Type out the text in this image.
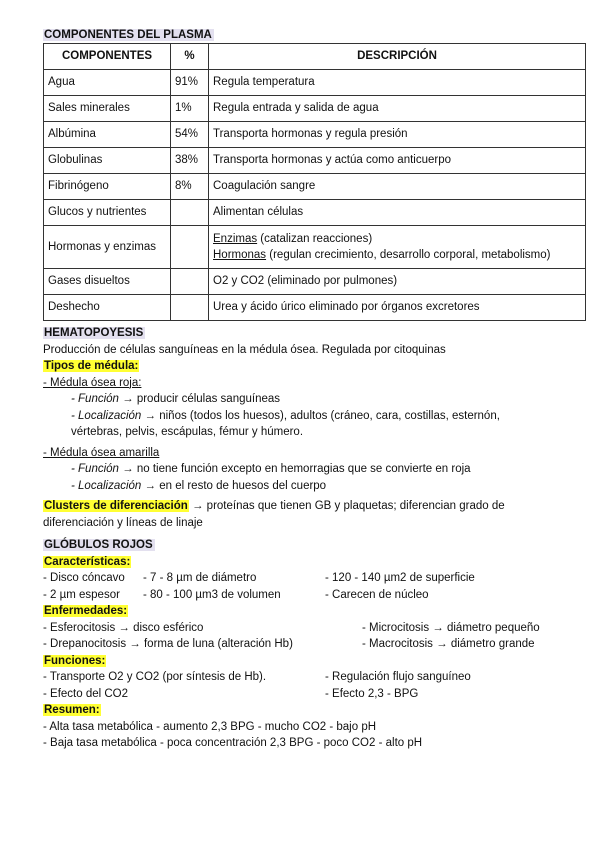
COMPONENTES DEL PLASMA
COMPONENTES	%	DESCRIPCIÓN
Agua	91%	Regula temperatura
Sales minerales	1%	Regula entrada y salida de agua
Albúmina	54%	Transporta hormonas y regula presión
Globulinas	38%	Transporta hormonas y actúa como anticuerpo
Fibrinógeno	8%	Coagulación sangre
Glucos y nutrientes		Alimentan células
Hormonas y enzimas		Enzimas (catalizan reacciones)
Hormonas (regulan crecimiento, desarrollo corporal, metabolismo)

Gases disueltos		O2 y CO2 (eliminado por pulmones)
Deshecho		Urea y ácido úrico eliminado por órganos excretores
HEMATOPOYESIS
Producción de células sanguíneas en la médula ósea. Regulada por citoquinas
Tipos de médula:
- Médula ósea roja:
- Función → producir células sanguíneas
- Localización → niños (todos los huesos), adultos (cráneo, cara, costillas, esternón,
vértebras, pelvis, escápulas, fémur y húmero.
- Médula ósea amarilla
- Función → no tiene función excepto en hemorragias que se convierte en roja
- Localización → en el resto de huesos del cuerpo
Clusters de diferenciación → proteínas que tienen GB y plaquetas; diferencian grado de
diferenciación y líneas de linaje
GLÓBULOS ROJOS
Características:
- Disco cóncavo - 7 - 8 µm de diámetro	- 120 - 140 µm2 de superficie
- 2 µm espesor - 80 - 100 µm3 de volumen	- Carecen de núcleo
Enfermedades:
- Esferocitosis → disco esférico	- Microcitosis → diámetro pequeño
- Drepanocitosis → forma de luna (alteración Hb)	- Macrocitosis → diámetro grande
Funciones:
- Transporte O2 y CO2 (por síntesis de Hb).	- Regulación flujo sanguíneo
- Efecto del CO2	- Efecto 2,3 - BPG
Resumen:
- Alta tasa metabólica - aumento 2,3 BPG - mucho CO2 - bajo pH
- Baja tasa metabólica - poca concentración 2,3 BPG - poco CO2 - alto pH
